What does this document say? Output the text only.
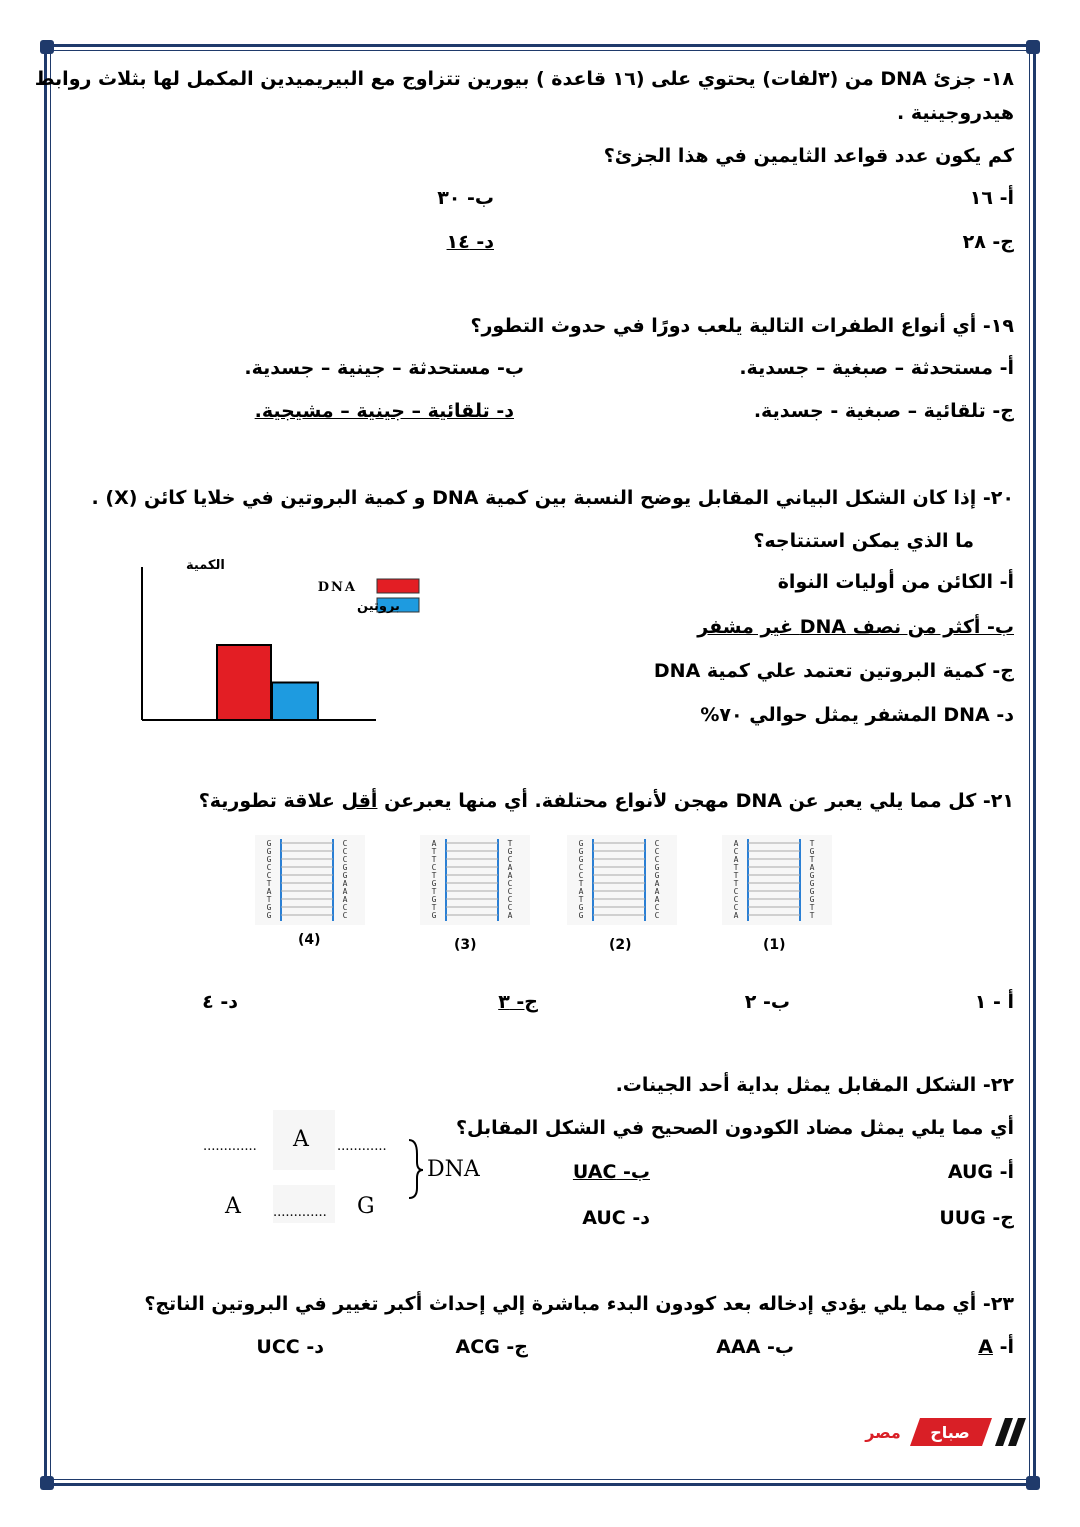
١٨- جزئ DNA من (٣لفات) يحتوي على (١٦ قاعدة ) بيورين تتزاوج مع البيريميدين المكمل لها بثلاث روابط
هيدروجينية .
كم يكون عدد قواعد الثايمين في هذا الجزئ؟
أ- ١٦
ب- ٣٠
ج- ٢٨
د- ١٤
١٩- أي أنواع الطفرات التالية يلعب دورًا في حدوث التطور؟
أ- مستحدثة – صبغية – جسدية.
ب- مستحدثة – جينية – جسدية.
ج- تلقائية – صبغية - جسدية.
د- تلقائية – جينية – مشيجية.
٢٠- إذا كان الشكل البياني المقابل يوضح النسبة بين كمية DNA و كمية البروتين في خلايا كائن (X) .
ما الذي يمكن استنتاجه؟
أ- الكائن من أوليات النواة
ب- أكثر من نصف DNA غير مشفر
ج- كمية البروتين تعتمد علي كمية DNA
د- DNA المشفر يمثل حوالي ٧٠%
الكمية
DNA
بروتين
٢١- كل مما يلي يعبر عن DNA مهجن لأنواع محتلفة. أي منها يعبرعن أقل علاقة تطورية؟
A	T
C	G
A	T
T	A
T	G
T	G
C	G
C	G
C	T
A	T
(1)
G	C
G	C
G	C
C	G
C	G
T	A
A	A
T	A
G	C
G	C
(2)
A	T
T	G
T	C
C	A
T	A
G	C
T	C
G	C
T	C
G	A
(3)
G	C
G	C
G	C
C	G
C	G
T	A
A	A
T	A
G	C
G	C
(4)
أ - ١
ب- ٢
ج- ٣
د- ٤
٢٢- الشكل المقابل يمثل بداية أحد الجينات.
أي مما يلي يمثل مضاد الكودون الصحيح في الشكل المقابل؟
أ- AUG
ب- UAC
ج- UUG
د- AUC
............. A ............
A ............. G
DNA
٢٣- أي مما يلي يؤدي إدخاله بعد كودون البدء مباشرة إلي إحداث أكبر تغيير في البروتين الناتج؟
أ- A
ب- AAA
ج- ACG
د- UCC
صباح
مصر
